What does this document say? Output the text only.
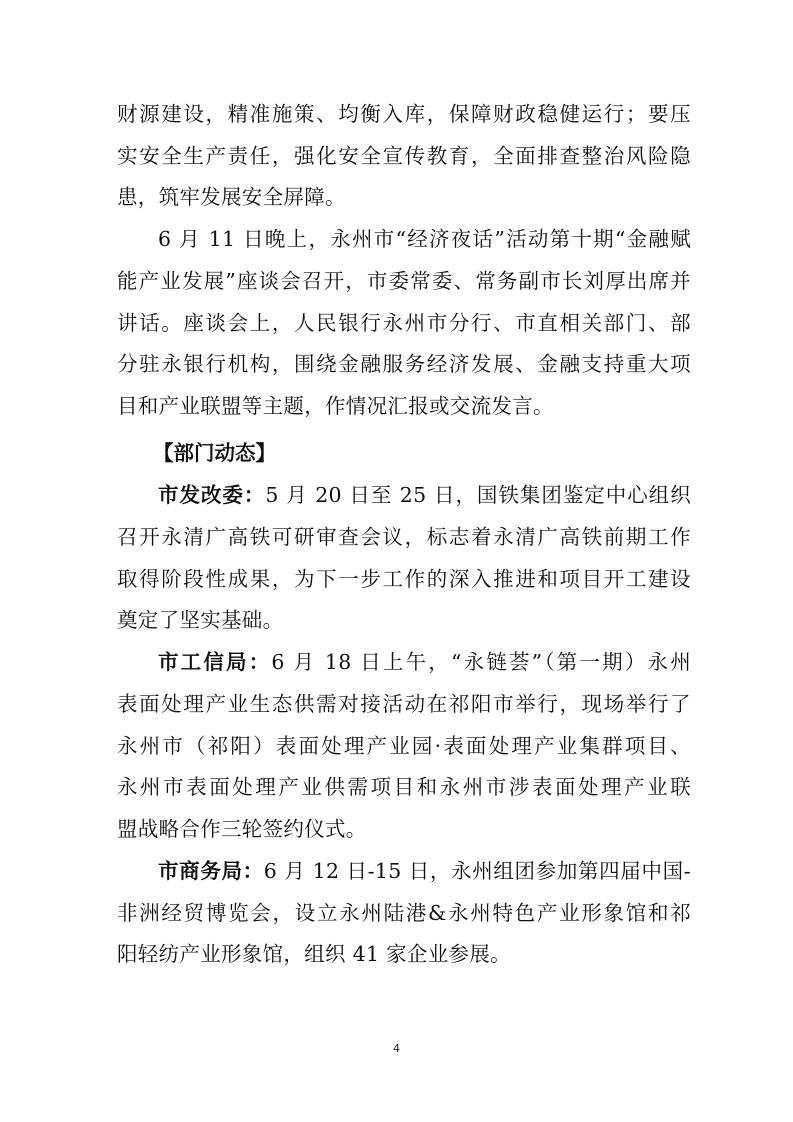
财源建设，精准施策、均衡入库，保障财政稳健运行；要压
实安全生产责任，强化安全宣传教育，全面排查整治风险隐
患，筑牢发展安全屏障。
6 月 11 日晚上，永州市“经济夜话”活动第十期“金融赋
能产业发展”座谈会召开，市委常委、常务副市长刘厚出席并
讲话。座谈会上，人民银行永州市分行、市直相关部门、部
分驻永银行机构，围绕金融服务经济发展、金融支持重大项
目和产业联盟等主题，作情况汇报或交流发言。
【部门动态】
市发改委：5 月 20 日至 25 日，国铁集团鉴定中心组织
召开永清广高铁可研审查会议，标志着永清广高铁前期工作
取得阶段性成果，为下一步工作的深入推进和项目开工建设
奠定了坚实基础。
市工信局：6 月 18 日上午，“永链荟”（第一期）永州
表面处理产业生态供需对接活动在祁阳市举行，现场举行了
永州市（祁阳）表面处理产业园·表面处理产业集群项目、
永州市表面处理产业供需项目和永州市涉表面处理产业联
盟战略合作三轮签约仪式。
市商务局：6 月 12 日-15 日，永州组团参加第四届中国-
非洲经贸博览会，设立永州陆港&永州特色产业形象馆和祁
阳轻纺产业形象馆，组织 41 家企业参展。
4
